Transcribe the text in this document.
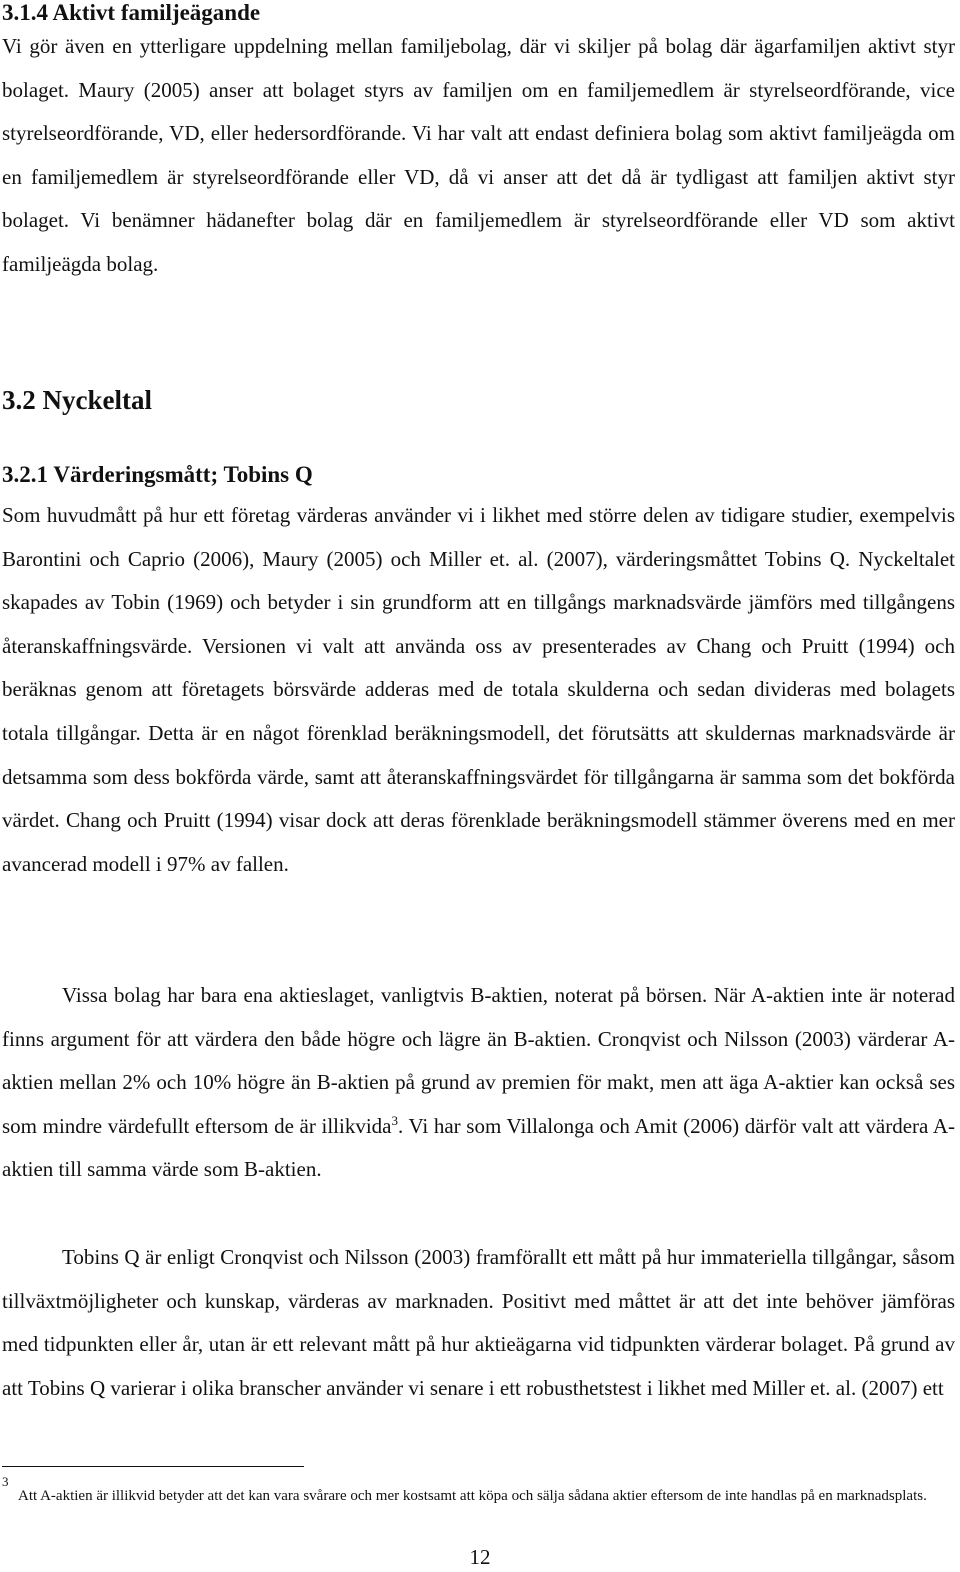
3.1.4 Aktivt familjeägande

Vi gör även en ytterligare uppdelning mellan familjebolag, där vi skiljer på bolag där ägarfamiljen aktivt styr bolaget. Maury (2005) anser att bolaget styrs av familjen om en familjemedlem är styrelseordförande, vice styrelseordförande, VD, eller hedersordförande. Vi har valt att endast definiera bolag som aktivt familjeägda om en familjemedlem är styrelseordförande eller VD, då vi anser att det då är tydligast att familjen aktivt styr bolaget. Vi benämner hädanefter bolag där en familjemedlem är styrelseordförande eller VD som aktivt familjeägda bolag.

3.2 Nyckeltal
3.2.1 Värderingsmått; Tobins Q

Som huvudmått på hur ett företag värderas använder vi i likhet med större delen av tidigare studier, exempelvis Barontini och Caprio (2006), Maury (2005) och Miller et. al. (2007), värderingsmåttet Tobins Q. Nyckeltalet skapades av Tobin (1969) och betyder i sin grundform att en tillgångs marknadsvärde jämförs med tillgångens återanskaffningsvärde. Versionen vi valt att använda oss av presenterades av Chang och Pruitt (1994) och beräknas genom att företagets börsvärde adderas med de totala skulderna och sedan divideras med bolagets totala tillgångar. Detta är en något förenklad beräkningsmodell, det förutsätts att skuldernas marknadsvärde är detsamma som dess bokförda värde, samt att återanskaffningsvärdet för tillgångarna är samma som det bokförda värdet. Chang och Pruitt (1994) visar dock att deras förenklade beräkningsmodell stämmer överens med en mer avancerad modell i 97% av fallen.

Vissa bolag har bara ena aktieslaget, vanligtvis B-aktien, noterat på börsen. När A-aktien inte är noterad finns argument för att värdera den både högre och lägre än B-aktien. Cronqvist och Nilsson (2003) värderar A-aktien mellan 2% och 10% högre än B-aktien på grund av premien för makt, men att äga A-aktier kan också ses som mindre värdefullt eftersom de är illikvida$^3$. Vi har som Villalonga och Amit (2006) därför valt att värdera A-aktien till samma värde som B-aktien.

Tobins Q är enligt Cronqvist och Nilsson (2003) framförallt ett mått på hur immateriella tillgångar, såsom tillväxtmöjligheter och kunskap, värderas av marknaden. Positivt med måttet är att det inte behöver jämföras med tidpunkten eller år, utan är ett relevant mått på hur aktieägarna vid tidpunkten värderar bolaget. På grund av att Tobins Q varierar i olika branscher använder vi senare i ett robusthetstest i likhet med Miller et. al. (2007) ett

3

Att A-aktien är illikvid betyder att det kan vara svårare och mer kostsamt att köpa och sälja sådana aktier eftersom de inte handlas på en marknadsplats.

12
